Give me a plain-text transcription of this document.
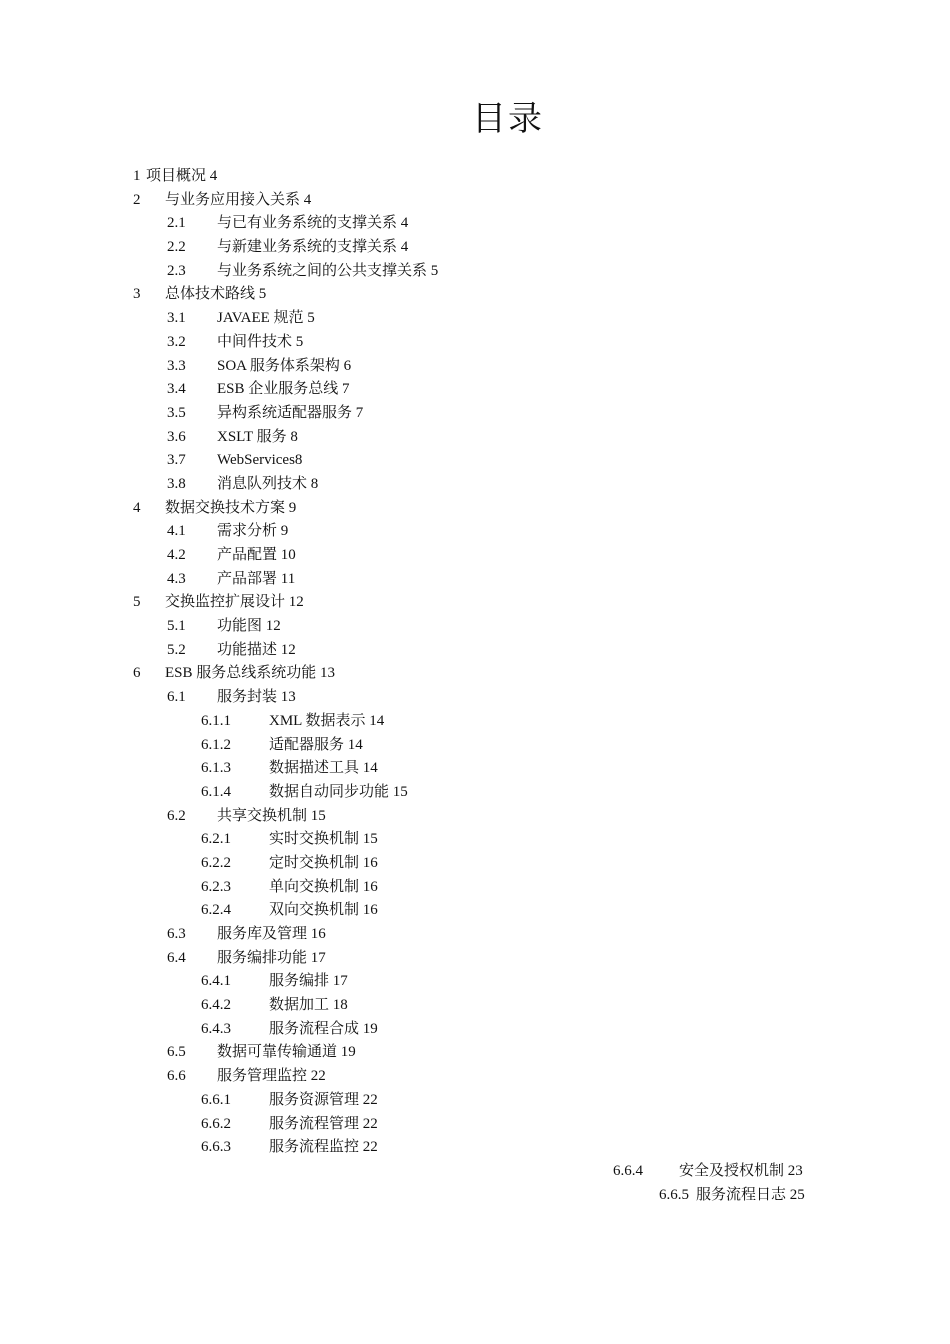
目录
1 项目概况 4
2 与业务应用接入关系 4
2.1 与已有业务系统的支撑关系 4
2.2 与新建业务系统的支撑关系 4
2.3 与业务系统之间的公共支撑关系 5
3 总体技术路线 5
3.1 JAVAEE 规范 5
3.2 中间件技术 5
3.3 SOA 服务体系架构 6
3.4 ESB 企业服务总线 7
3.5 异构系统适配器服务 7
3.6 XSLT 服务 8
3.7 WebServices8
3.8 消息队列技术 8
4 数据交换技术方案 9
4.1 需求分析 9
4.2 产品配置 10
4.3 产品部署 11
5 交换监控扩展设计 12
5.1 功能图 12
5.2 功能描述 12
6 ESB 服务总线系统功能 13
6.1 服务封装 13
6.1.1	XML 数据表示 14
6.1.2	适配器服务 14
6.1.3	数据描述工具 14
6.1.4	数据自动同步功能 15
6.2 共享交换机制 15
6.2.1	实时交换机制 15
6.2.2	定时交换机制 16
6.2.3	单向交换机制 16
6.2.4	双向交换机制 16
6.3 服务库及管理 16
6.4 服务编排功能 17
6.4.1	服务编排 17
6.4.2	数据加工 18
6.4.3	服务流程合成 19
6.5 数据可靠传输通道 19
6.6 服务管理监控 22
6.6.1	服务资源管理 22
6.6.2	服务流程管理 22
6.6.3	服务流程监控 22
6.6.4 安全及授权机制 23
6.6.5 服务流程日志 25
